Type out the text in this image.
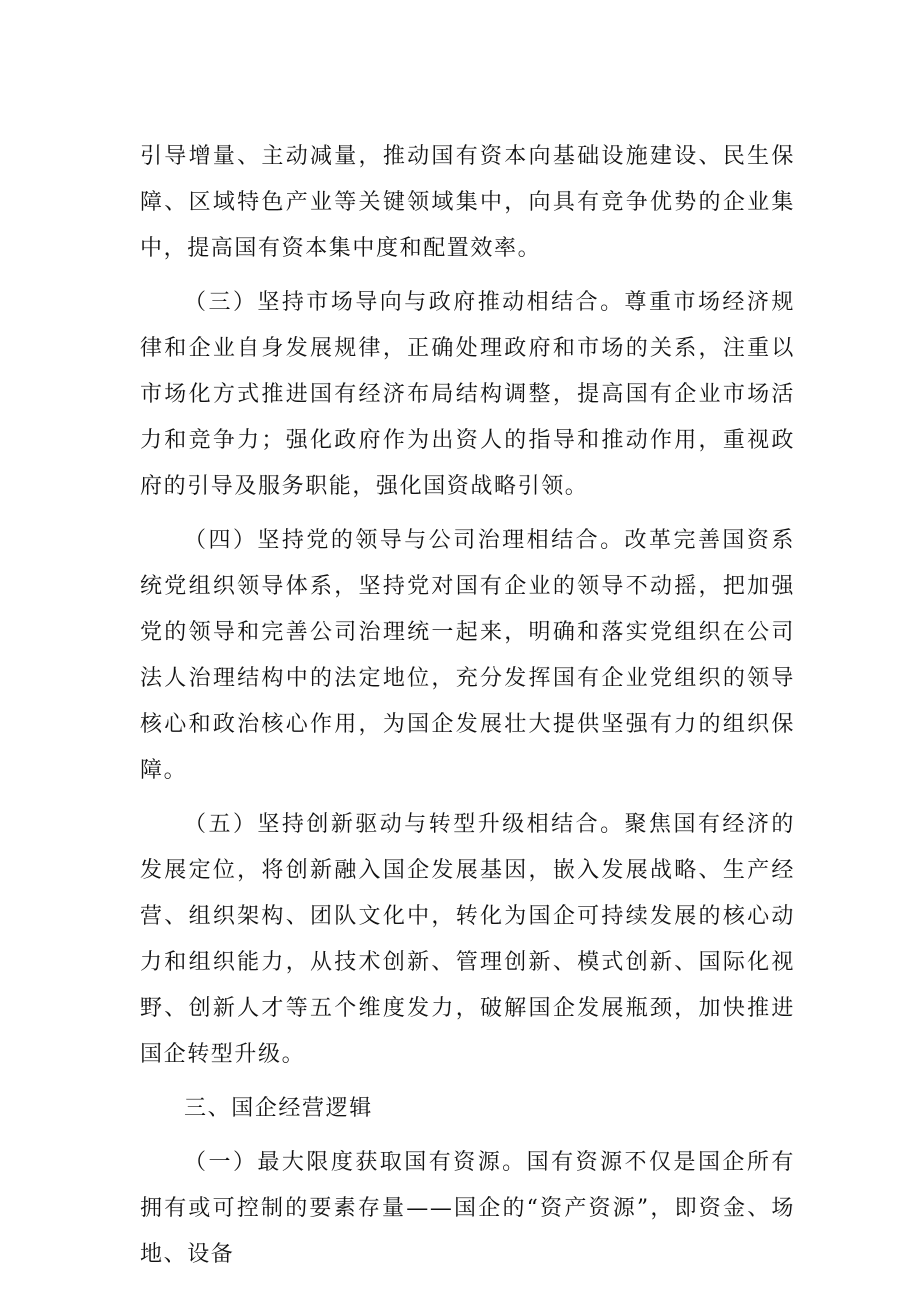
引导增量、主动减量，推动国有资本向基础设施建设、民生保障、区域特色产业等关键领域集中，向具有竞争优势的企业集中，提高国有资本集中度和配置效率。

（三）坚持市场导向与政府推动相结合。尊重市场经济规律和企业自身发展规律，正确处理政府和市场的关系，注重以市场化方式推进国有经济布局结构调整，提高国有企业市场活力和竞争力；强化政府作为出资人的指导和推动作用，重视政府的引导及服务职能，强化国资战略引领。

（四）坚持党的领导与公司治理相结合。改革完善国资系统党组织领导体系，坚持党对国有企业的领导不动摇，把加强党的领导和完善公司治理统一起来，明确和落实党组织在公司法人治理结构中的法定地位，充分发挥国有企业党组织的领导核心和政治核心作用，为国企发展壮大提供坚强有力的组织保障。

（五）坚持创新驱动与转型升级相结合。聚焦国有经济的发展定位，将创新融入国企发展基因，嵌入发展战略、生产经营、组织架构、团队文化中，转化为国企可持续发展的核心动力和组织能力，从技术创新、管理创新、模式创新、国际化视野、创新人才等五个维度发力，破解国企发展瓶颈，加快推进国企转型升级。

三、国企经营逻辑

（一）最大限度获取国有资源。国有资源不仅是国企所有拥有或可控制的要素存量——国企的“资产资源”，即资金、场地、设备
